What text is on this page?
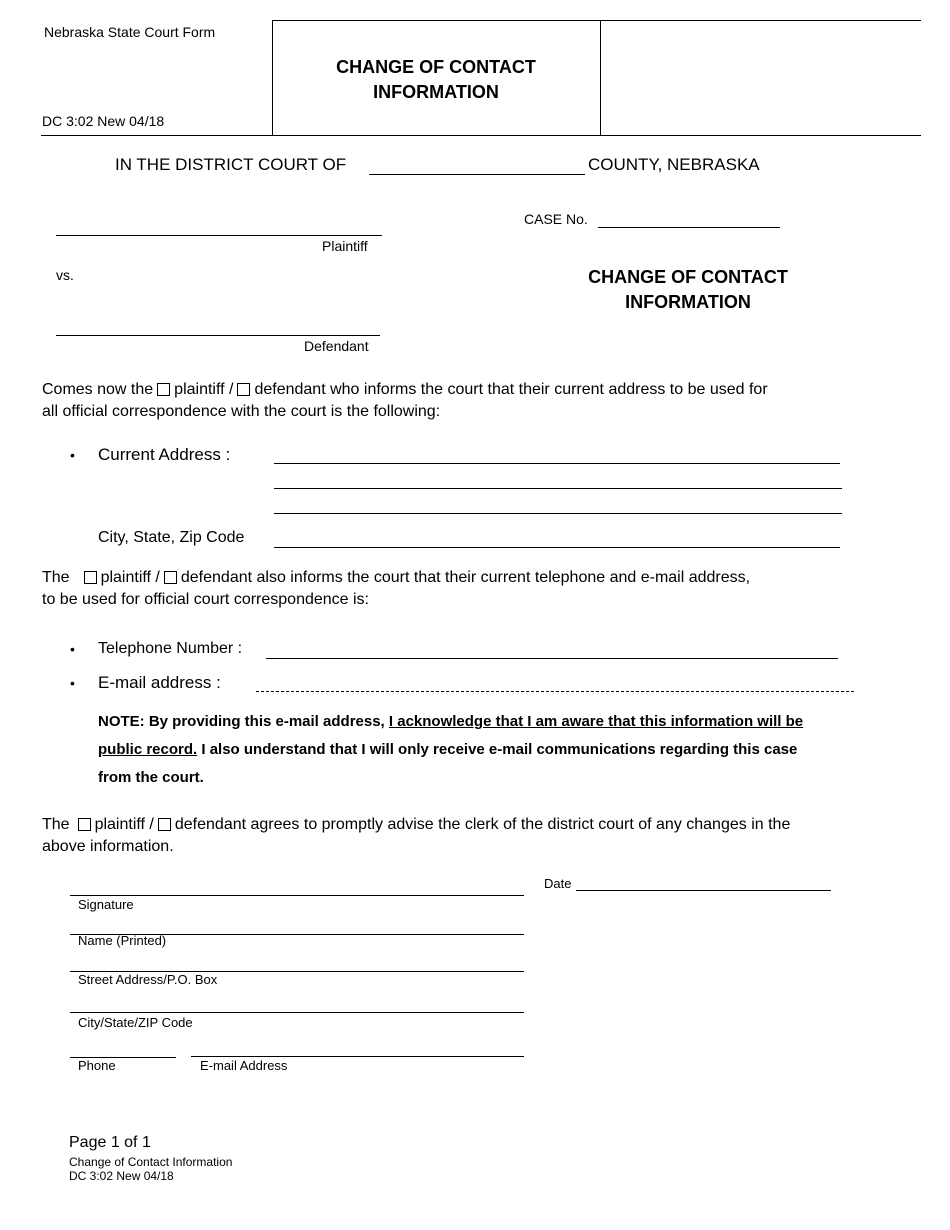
Nebraska State Court Form
DC 3:02 New 04/18
CHANGE OF CONTACT
INFORMATION
IN THE DISTRICT COURT OF	COUNTY, NEBRASKA
CASE No.
Plaintiff
vs.	CHANGE OF CONTACT
INFORMATION
Defendant
Comes now the plaintiff / defendant who informs the court that their current address to be used for
all official correspondence with the court is the following:
• Current Address :
City, State, Zip Code
The plaintiff / defendant also informs the court that their current telephone and e-mail address,
to be used for official court correspondence is:
• Telephone Number :
• E-mail address :
NOTE: By providing this e-mail address, I acknowledge that I am aware that this information will be
public record. I also understand that I will only receive e-mail communications regarding this case
from the court.
The plaintiff / defendant agrees to promptly advise the clerk of the district court of any changes in the
above information.
Date
Signature
Name (Printed)
Street Address/P.O. Box
City/State/ZIP Code
Phone	E-mail Address
Page 1 of 1
Change of Contact Information
DC 3:02 New 04/18
